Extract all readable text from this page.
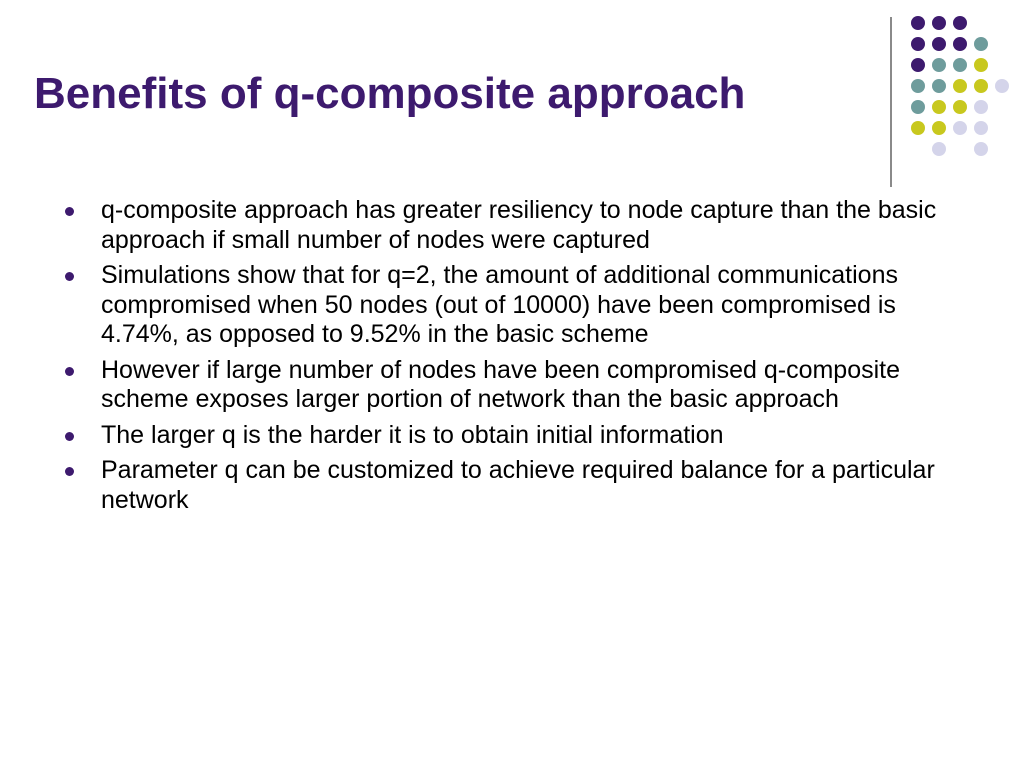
Benefits of q-composite approach
q-composite approach has greater resiliency to node capture than the basic approach if small number of nodes were captured
Simulations show that for q=2, the amount of additional communications compromised when 50 nodes (out of 10000) have been compromised is 4.74%, as opposed to 9.52% in the basic scheme
However if large number of nodes have been compromised q-composite scheme exposes larger portion of network than the basic approach
The larger q is the harder it is to obtain initial information
Parameter q can be customized to achieve required balance for a particular network
